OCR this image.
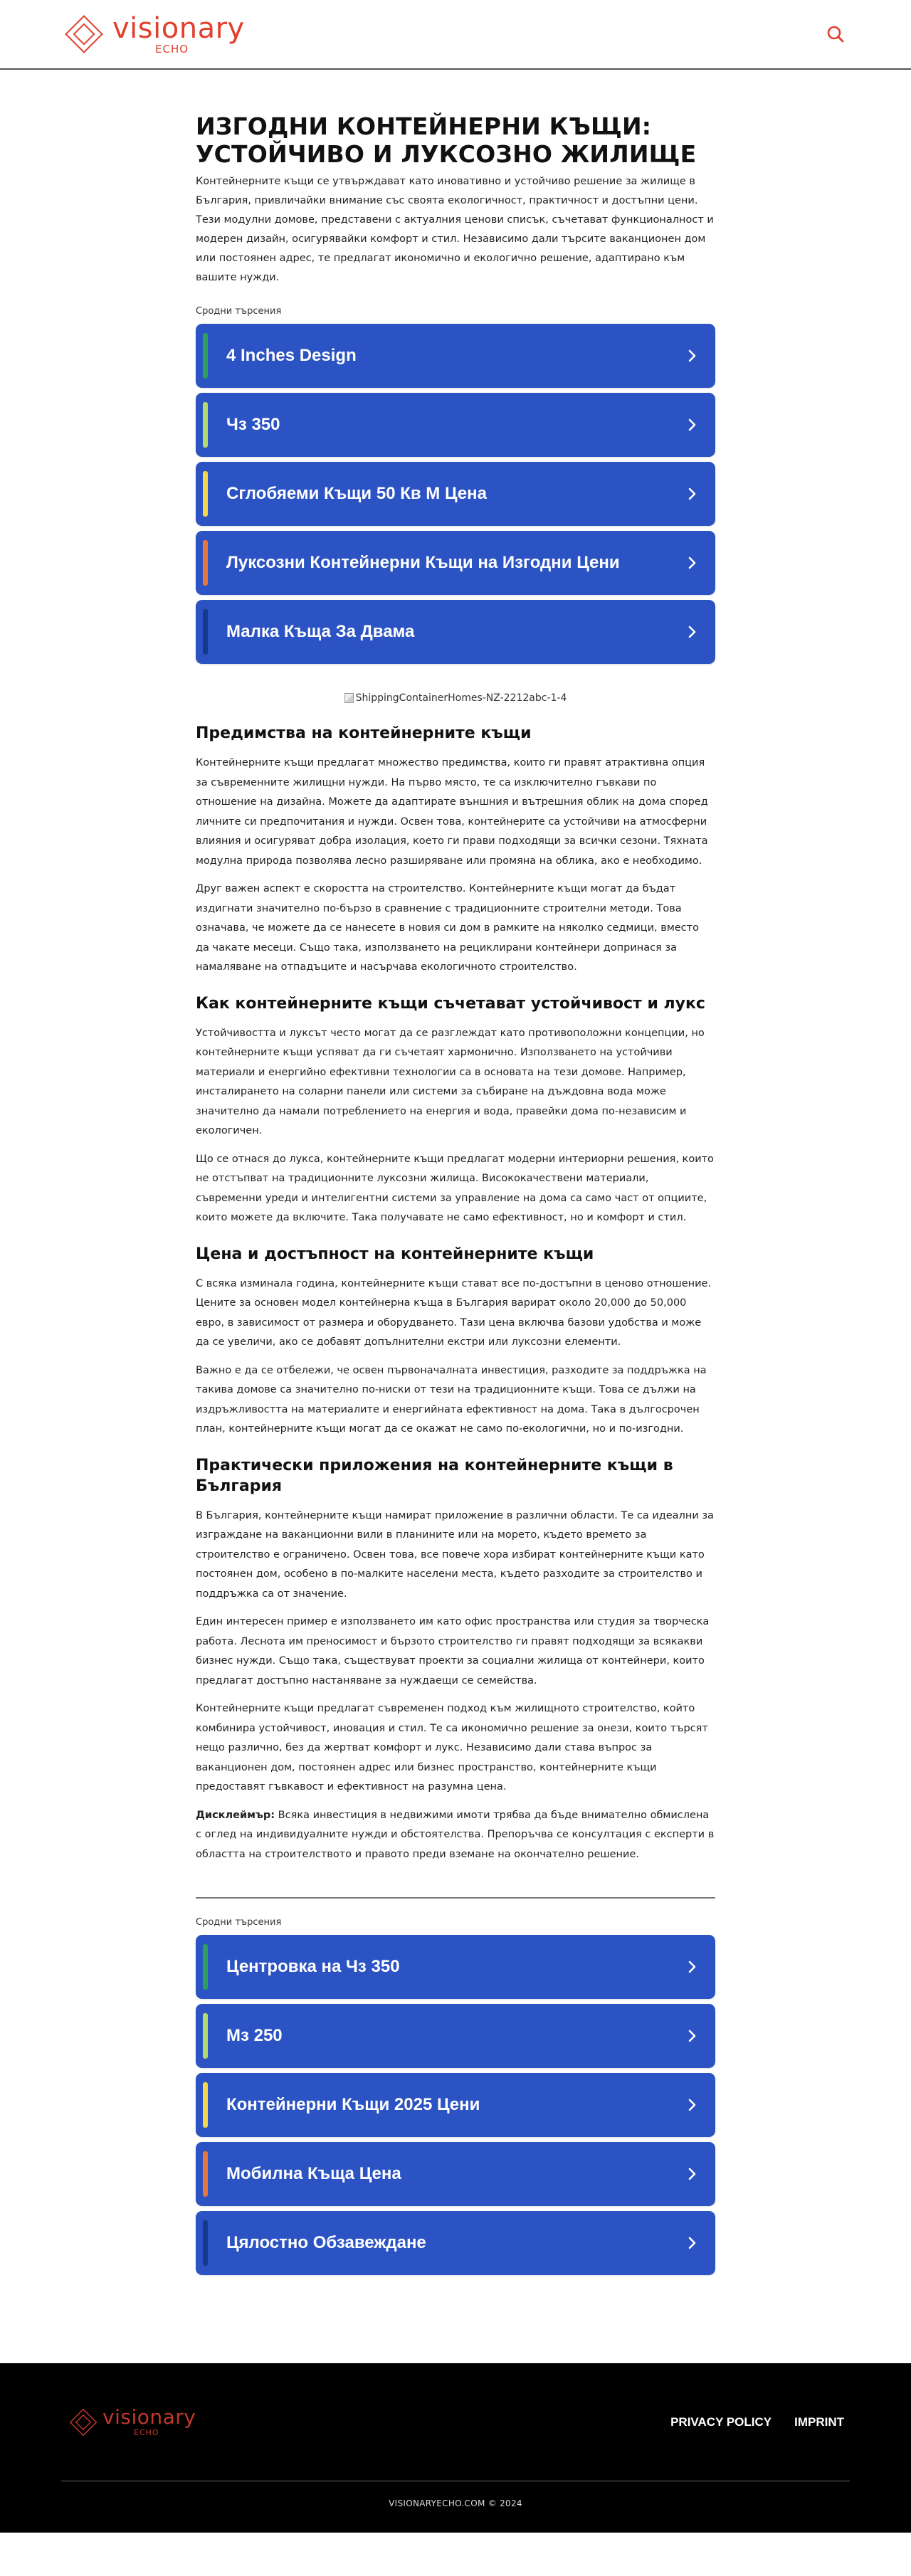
visionary
ECHO
ИЗГОДНИ КОНТЕЙНЕРНИ КЪЩИ: УСТОЙЧИВО И ЛУКСОЗНО ЖИЛИЩЕ

Контейнерните къщи се утвърждават като иновативно и устойчиво решение за жилище в България, привличайки внимание със своята екологичност, практичност и достъпни цени. Тези модулни домове, представени с актуалния ценови списък, съчетават функционалност и модерен дизайн, осигурявайки комфорт и стил. Независимо дали търсите ваканционен дом или постоянен адрес, те предлагат икономично и екологично решение, адаптирано към вашите нужди.

Сродни търсения
4 Inches Design
Чз 350
Сглобяеми Къщи 50 Кв М Цена
Луксозни Контейнерни Къщи на Изгодни Цени
Малка Къща За Двама
ShippingContainerHomes-NZ-2212abc-1-4
Предимства на контейнерните къщи

Контейнерните къщи предлагат множество предимства, които ги правят атрактивна опция за съвременните жилищни нужди. На първо място, те са изключително гъвкави по отношение на дизайна. Можете да адаптирате външния и вътрешния облик на дома според личните си предпочитания и нужди. Освен това, контейнерите са устойчиви на атмосферни влияния и осигуряват добра изолация, което ги прави подходящи за всички сезони. Тяхната модулна природа позволява лесно разширяване или промяна на облика, ако е необходимо.

Друг важен аспект е скоростта на строителство. Контейнерните къщи могат да бъдат издигнати значително по-бързо в сравнение с традиционните строителни методи. Това означава, че можете да се нанесете в новия си дом в рамките на няколко седмици, вместо да чакате месеци. Също така, използването на рециклирани контейнери допринася за намаляване на отпадъците и насърчава екологичното строителство.

Как контейнерните къщи съчетават устойчивост и лукс

Устойчивостта и луксът често могат да се разглеждат като противоположни концепции, но контейнерните къщи успяват да ги съчетаят хармонично. Използването на устойчиви материали и енергийно ефективни технологии са в основата на тези домове. Например, инсталирането на соларни панели или системи за събиране на дъждовна вода може значително да намали потреблението на енергия и вода, правейки дома по-независим и екологичен.

Що се отнася до лукса, контейнерните къщи предлагат модерни интериорни решения, които не отстъпват на традиционните луксозни жилища. Висококачествени материали, съвременни уреди и интелигентни системи за управление на дома са само част от опциите, които можете да включите. Така получавате не само ефективност, но и комфорт и стил.

Цена и достъпност на контейнерните къщи

С всяка изминала година, контейнерните къщи стават все по-достъпни в ценово отношение. Цените за основен модел контейнерна къща в България варират около 20,000 до 50,000 евро, в зависимост от размера и оборудването. Тази цена включва базови удобства и може да се увеличи, ако се добавят допълнителни екстри или луксозни елементи.

Важно е да се отбележи, че освен първоначалната инвестиция, разходите за поддръжка на такива домове са значително по-ниски от тези на традиционните къщи. Това се дължи на издръжливостта на материалите и енергийната ефективност на дома. Така в дългосрочен план, контейнерните къщи могат да се окажат не само по-екологични, но и по-изгодни.

Практически приложения на контейнерните къщи в България

В България, контейнерните къщи намират приложение в различни области. Те са идеални за изграждане на ваканционни вили в планините или на морето, където времето за строителство е ограничено. Освен това, все повече хора избират контейнерните къщи като постоянен дом, особено в по-малките населени места, където разходите за строителство и поддръжка са от значение.

Един интересен пример е използването им като офис пространства или студия за творческа работа. Леснота им преносимост и бързото строителство ги правят подходящи за всякакви бизнес нужди. Също така, съществуват проекти за социални жилища от контейнери, които предлагат достъпно настаняване за нуждаещи се семейства.

Контейнерните къщи предлагат съвременен подход към жилищното строителство, който комбинира устойчивост, иновация и стил. Те са икономично решение за онези, които търсят нещо различно, без да жертват комфорт и лукс. Независимо дали става въпрос за ваканционен дом, постоянен адрес или бизнес пространство, контейнерните къщи предоставят гъвкавост и ефективност на разумна цена.

Дисклеймър: Всяка инвестиция в недвижими имоти трябва да бъде внимателно обмислена с оглед на индивидуалните нужди и обстоятелства. Препоръчва се консултация с експерти в областта на строителството и правото преди вземане на окончателно решение.

Сродни търсения
Центровка на Чз 350
Мз 250
Контейнерни Къщи 2025 Цени
Мобилна Къща Цена
Цялостно Обзавеждане
visionary
ECHO
PRIVACY POLICY IMPRINT
VISIONARYECHO.COM © 2024
